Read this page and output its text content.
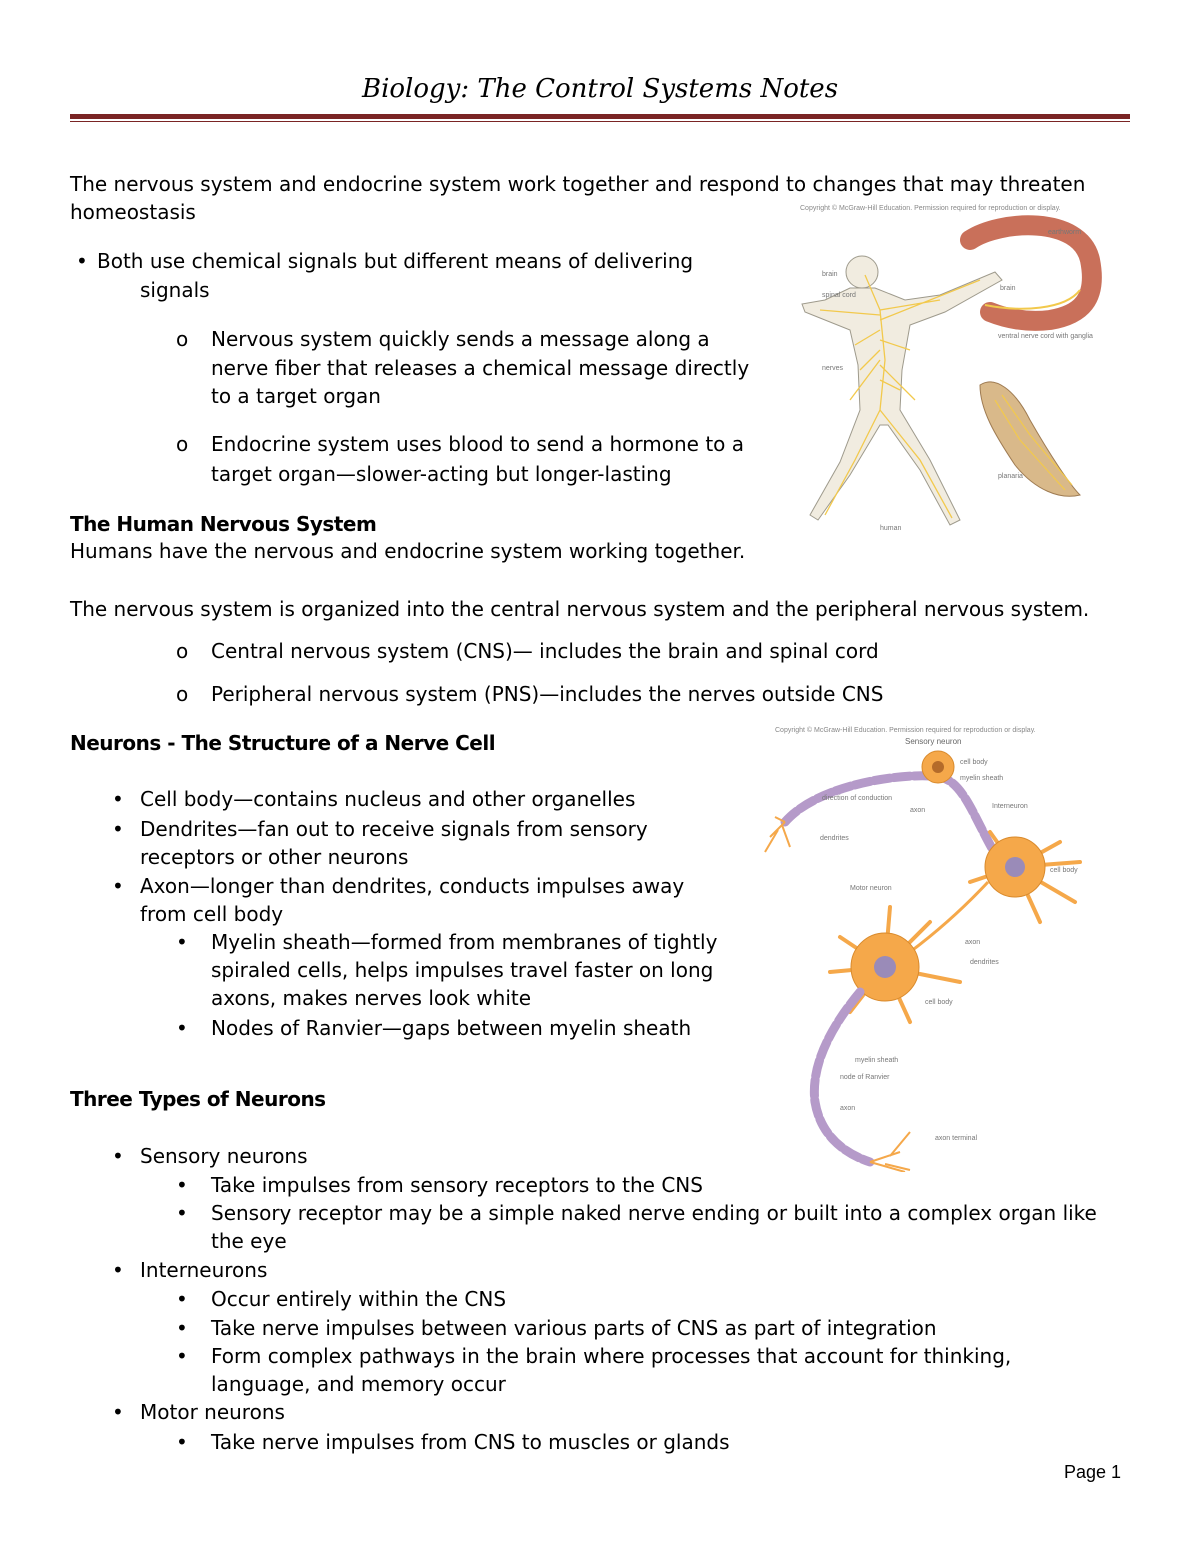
Biology: The Control Systems Notes
The nervous system and endocrine system work together and respond to changes that may threaten
homeostasis
• Both use chemical signals but different means of delivering
signals
o Nervous system quickly sends a message along a
nerve fiber that releases a chemical message directly
to a target organ
o Endocrine system uses blood to send a hormone to a
target organ—slower-acting but longer-lasting
The Human Nervous System
Humans have the nervous and endocrine system working together.
The nervous system is organized into the central nervous system and the peripheral nervous system.
o Central nervous system (CNS)— includes the brain and spinal cord
o Peripheral nervous system (PNS)—includes the nerves outside CNS
Neurons - The Structure of a Nerve Cell
• Cell body—contains nucleus and other organelles
• Dendrites—fan out to receive signals from sensory
receptors or other neurons
• Axon—longer than dendrites, conducts impulses away
from cell body
• Myelin sheath—formed from membranes of tightly
spiraled cells, helps impulses travel faster on long
axons, makes nerves look white
• Nodes of Ranvier—gaps between myelin sheath
Three Types of Neurons
• Sensory neurons
• Take impulses from sensory receptors to the CNS
• Sensory receptor may be a simple naked nerve ending or built into a complex organ like
the eye
• Interneurons
• Occur entirely within the CNS
• Take nerve impulses between various parts of CNS as part of integration
• Form complex pathways in the brain where processes that account for thinking,
language, and memory occur
• Motor neurons
• Take nerve impulses from CNS to muscles or glands
Page 1
Copyright © McGraw-Hill Education. Permission required for reproduction or display.
brain
spinal cord
nerves
earthworm
brain
ventral nerve cord with ganglia
planaria
human
Copyright © McGraw-Hill Education. Permission required for reproduction or display.
Sensory neuron
cell body
myelin sheath
direction of conduction
axon
Interneuron
dendrites
cell body
Motor neuron
axon
dendrites
cell body
myelin sheath
node of Ranvier
axon
axon terminal
